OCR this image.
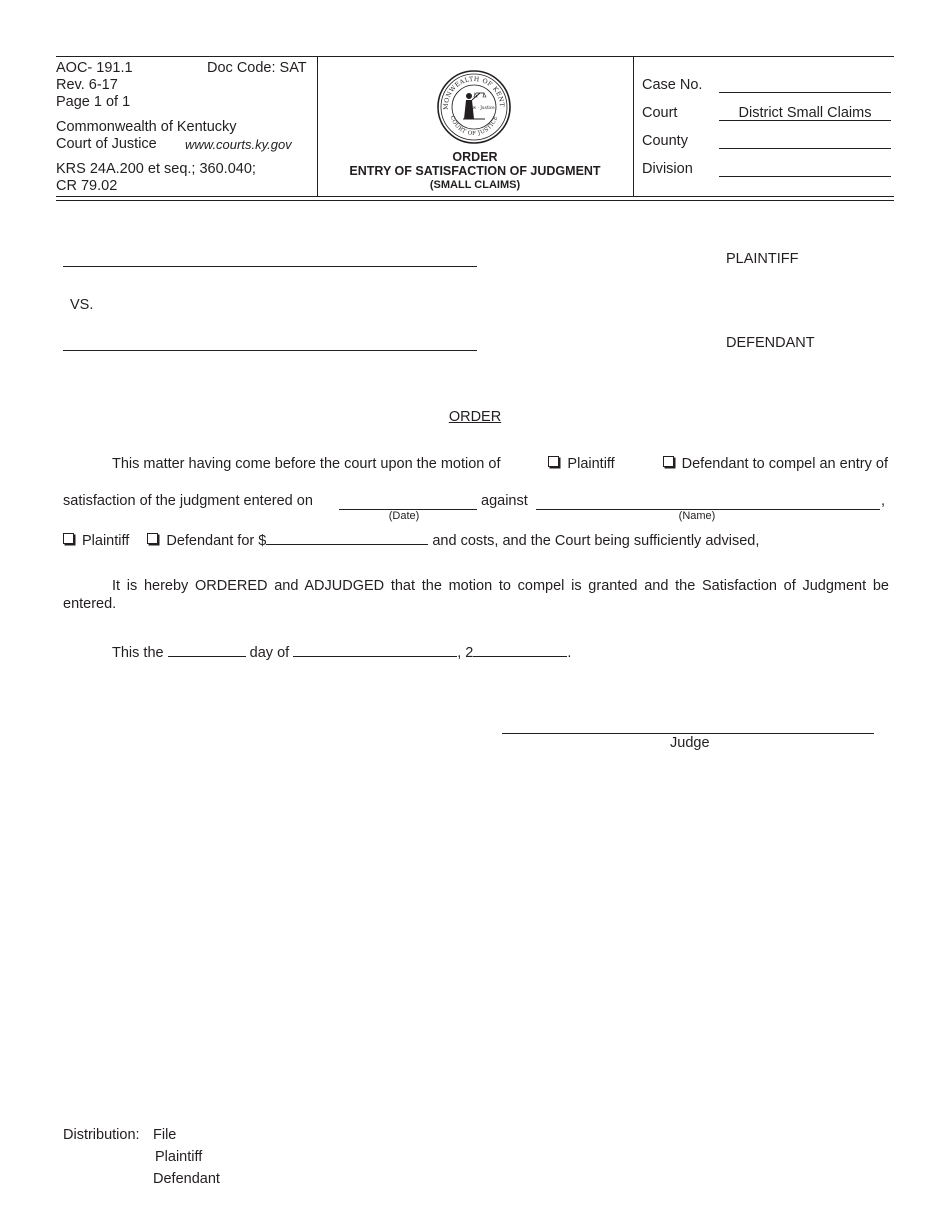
AOC- 191.1	Doc Code: SAT
Rev. 6-17
Page 1 of 1
Commonwealth of Kentucky
Court of Justice www.courts.ky.gov
KRS 24A.200 et seq.; 360.040;
CR 79.02
MONWEALTH OF KENT
COURT OF JUSTICE
Law · Justice
ORDER
ENTRY OF SATISFACTION OF JUDGMENT
(SMALL CLAIMS)
Case No.
Court	District Small Claims
County
Division
PLAINTIFF
VS.
DEFENDANT
ORDER
This matter having come before the court upon the motion of	Plaintiff	Defendant to compel an entry of
satisfaction of the judgment entered on
(Date)
against
(Name)
,
Plaintiff	Defendant for $	and costs, and the Court being sufficiently advised,
It is hereby ORDERED and ADJUDGED that the motion to compel is granted and the Satisfaction of Judgment be entered.
This the	day of	, 2	.
Judge
Distribution: File
Plaintiff
Defendant
